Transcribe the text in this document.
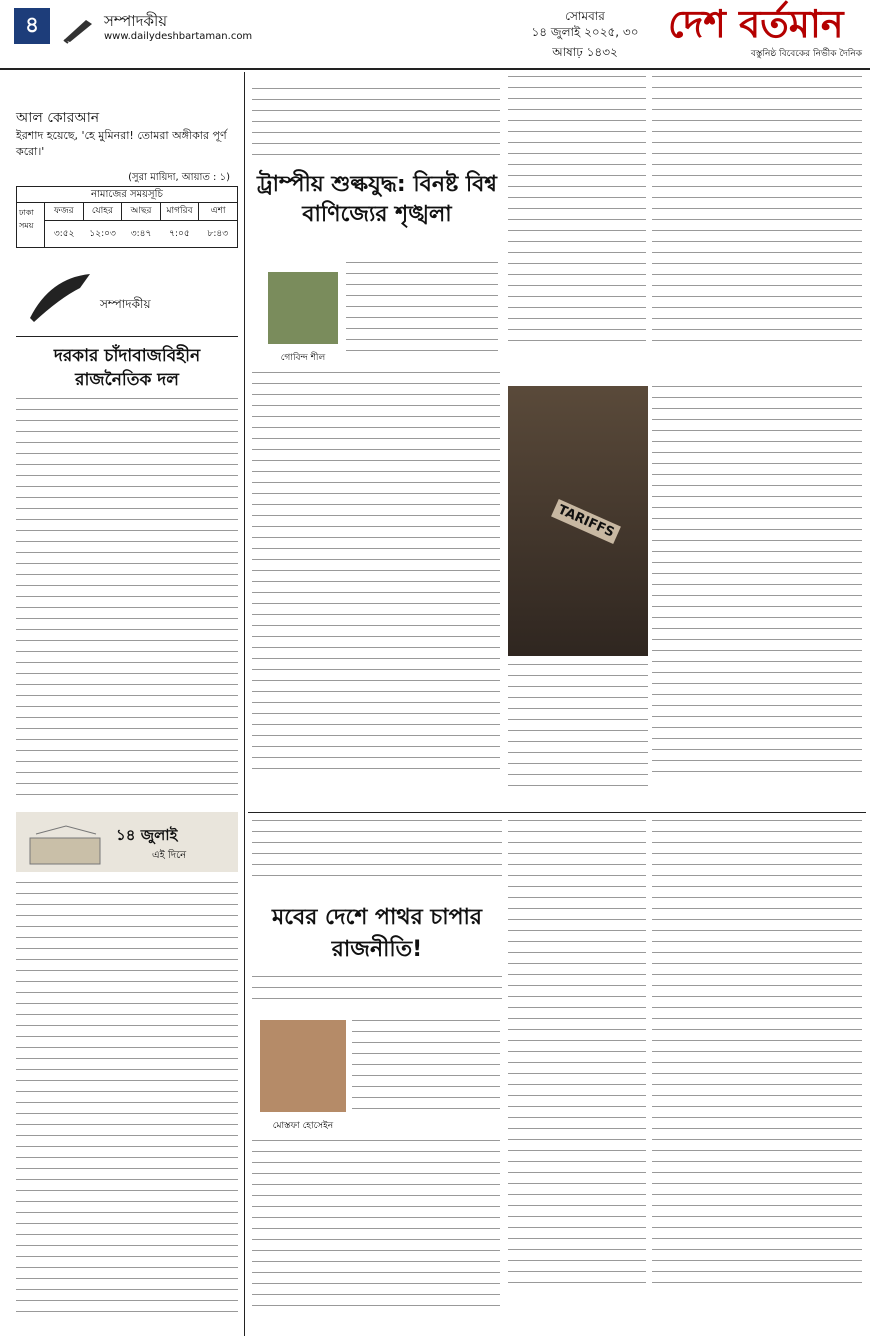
৪	সম্পাদকীয়
www.dailydeshbartaman.com
সোমবার
১৪ জুলাই ২০২৫, ৩০ আষাঢ় ১৪৩২
দেশ বর্তমান
বস্তুনিষ্ঠ বিবেকের নির্ভীক দৈনিক
আল কোরআন
ইরশাদ হয়েছে, 'হে মুমিনরা! তোমরা অঙ্গীকার পূর্ণ করো।'
(সুরা মায়িদা, আয়াত : ১)
নামাজের সময়সূচি
ঢাকা সময়
ফজর	যোহর	আছর	মাগরিব	এশা
৩:৫২	১২:০৩	৩:৪৭	৭:০৫	৮:৪৩
সম্পাদকীয়
দরকার চাঁদাবাজবিহীন রাজনৈতিক দল
১৪ জুলাই
এই দিনে
ট্রাম্পীয় শুল্কযুদ্ধ: বিনষ্ট বিশ্ব বাণিজ্যের শৃঙ্খলা
গোবিন্দ শীল
TARIFFS
মবের দেশে পাথর চাপার রাজনীতি!
মোস্তফা হোসেইন
